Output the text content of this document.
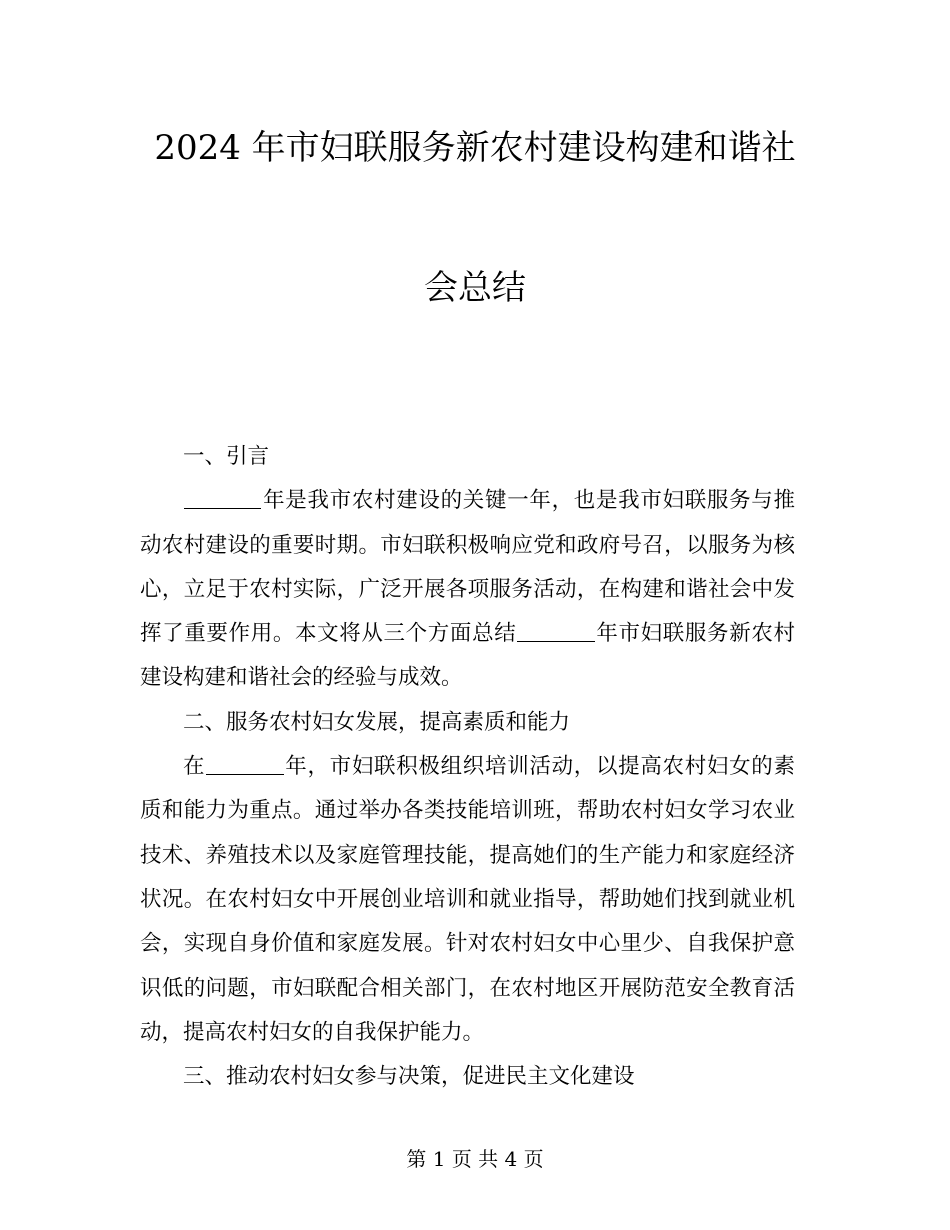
2024 年市妇联服务新农村建设构建和谐社
会总结

一、引言

年是我市农村建设的关键一年，也是我市妇联服务与推动农村建设的重要时期。市妇联积极响应党和政府号召，以服务为核心，立足于农村实际，广泛开展各项服务活动，在构建和谐社会中发挥了重要作用。本文将从三个方面总结	年市妇联服务新农村建设构建和谐社会的经验与成效。

二、服务农村妇女发展，提高素质和能力

在	年，市妇联积极组织培训活动，以提高农村妇女的素质和能力为重点。通过举办各类技能培训班，帮助农村妇女学习农业技术、养殖技术以及家庭管理技能，提高她们的生产能力和家庭经济状况。在农村妇女中开展创业培训和就业指导，帮助她们找到就业机会，实现自身价值和家庭发展。针对农村妇女中心里少、自我保护意识低的问题，市妇联配合相关部门，在农村地区开展防范安全教育活动，提高农村妇女的自我保护能力。

三、推动农村妇女参与决策，促进民主文化建设

第 1 页 共 4 页
